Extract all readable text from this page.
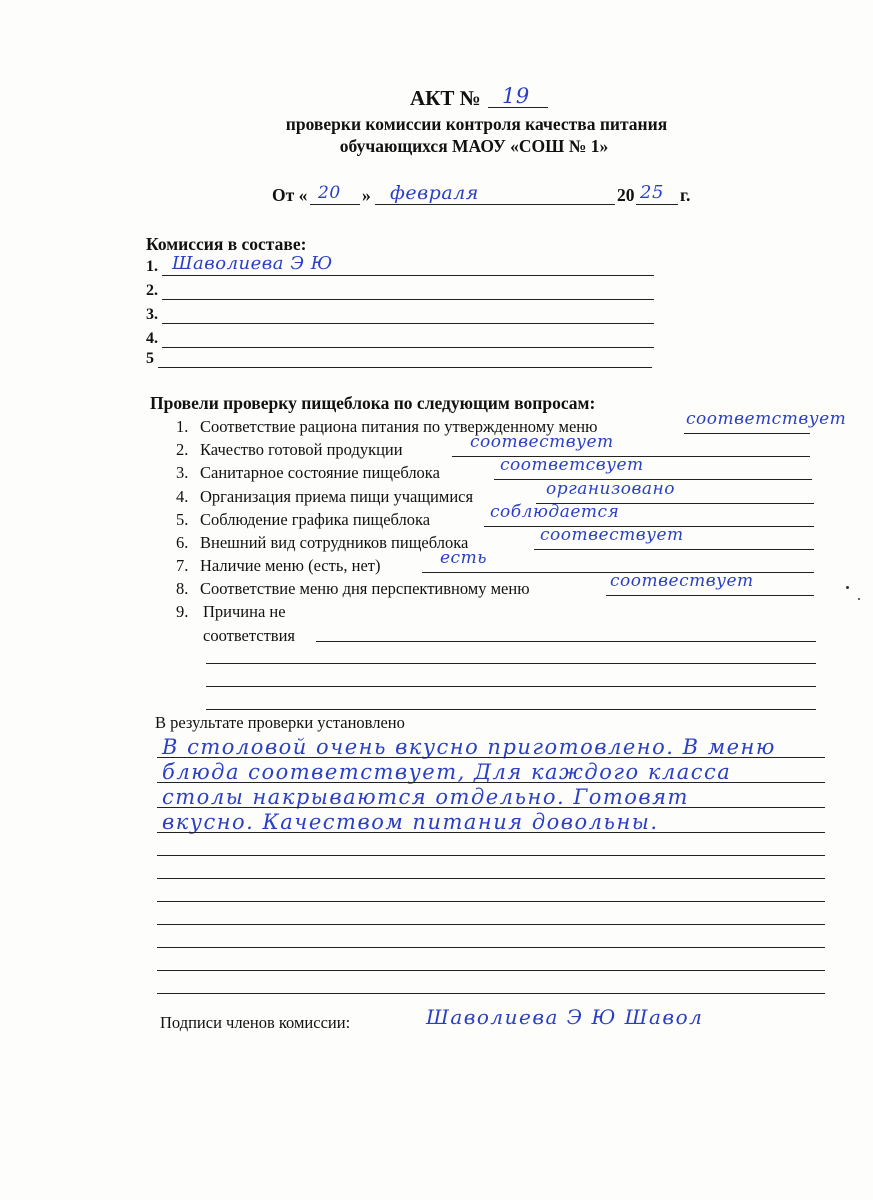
АКТ № 19
проверки комиссии контроля качества питания
обучающихся МАОУ «СОШ № 1»
От « 20 » февраля	20 25 г.
Комиссия в составе:
1. Шаволиева Э Ю
2.
3.
4.
5
Провели проверку пищеблока по следующим вопросам:
1. Соответствие рациона питания по утвержденному меню	соответствует
2. Качество готовой продукции	соотвествует
3. Санитарное состояние пищеблока	соответсвует
4. Организация приема пищи учащимися	организовано
5. Соблюдение графика пищеблока	соблюдается
6. Внешний вид сотрудников пищеблока	соотвествует
7. Наличие меню (есть, нет)	есть
8. Соответствие меню дня перспективному меню	соотвествует
9. Причина не
соответствия
В результате проверки установлено
В столовой очень вкусно приготовлено. В меню
блюда соответствует, Для каждого класса
столы накрываются отдельно. Готовят
вкусно. Качеством питания довольны.
Подписи членов комиссии:	Шаволиева Э Ю Шавол
